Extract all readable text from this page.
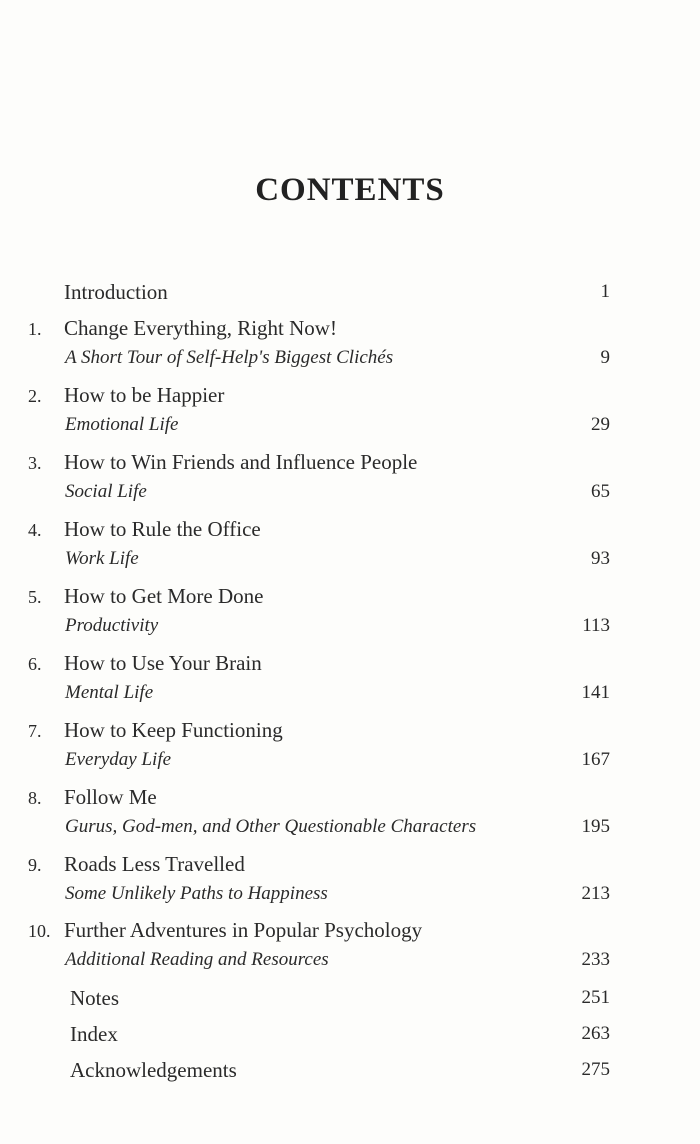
CONTENTS
Introduction	1
1.	Change Everything, Right Now!
A Short Tour of Self-Help's Biggest Clichés	9
2.	How to be Happier
Emotional Life	29
3.	How to Win Friends and Influence People
Social Life	65
4.	How to Rule the Office
Work Life	93
5.	How to Get More Done
Productivity	113
6.	How to Use Your Brain
Mental Life	141
7.	How to Keep Functioning
Everyday Life	167
8.	Follow Me
Gurus, God-men, and Other Questionable Characters	195
9.	Roads Less Travelled
Some Unlikely Paths to Happiness	213
10. Further Adventures in Popular Psychology
Additional Reading and Resources	233
Notes	251
Index	263
Acknowledgements	275
